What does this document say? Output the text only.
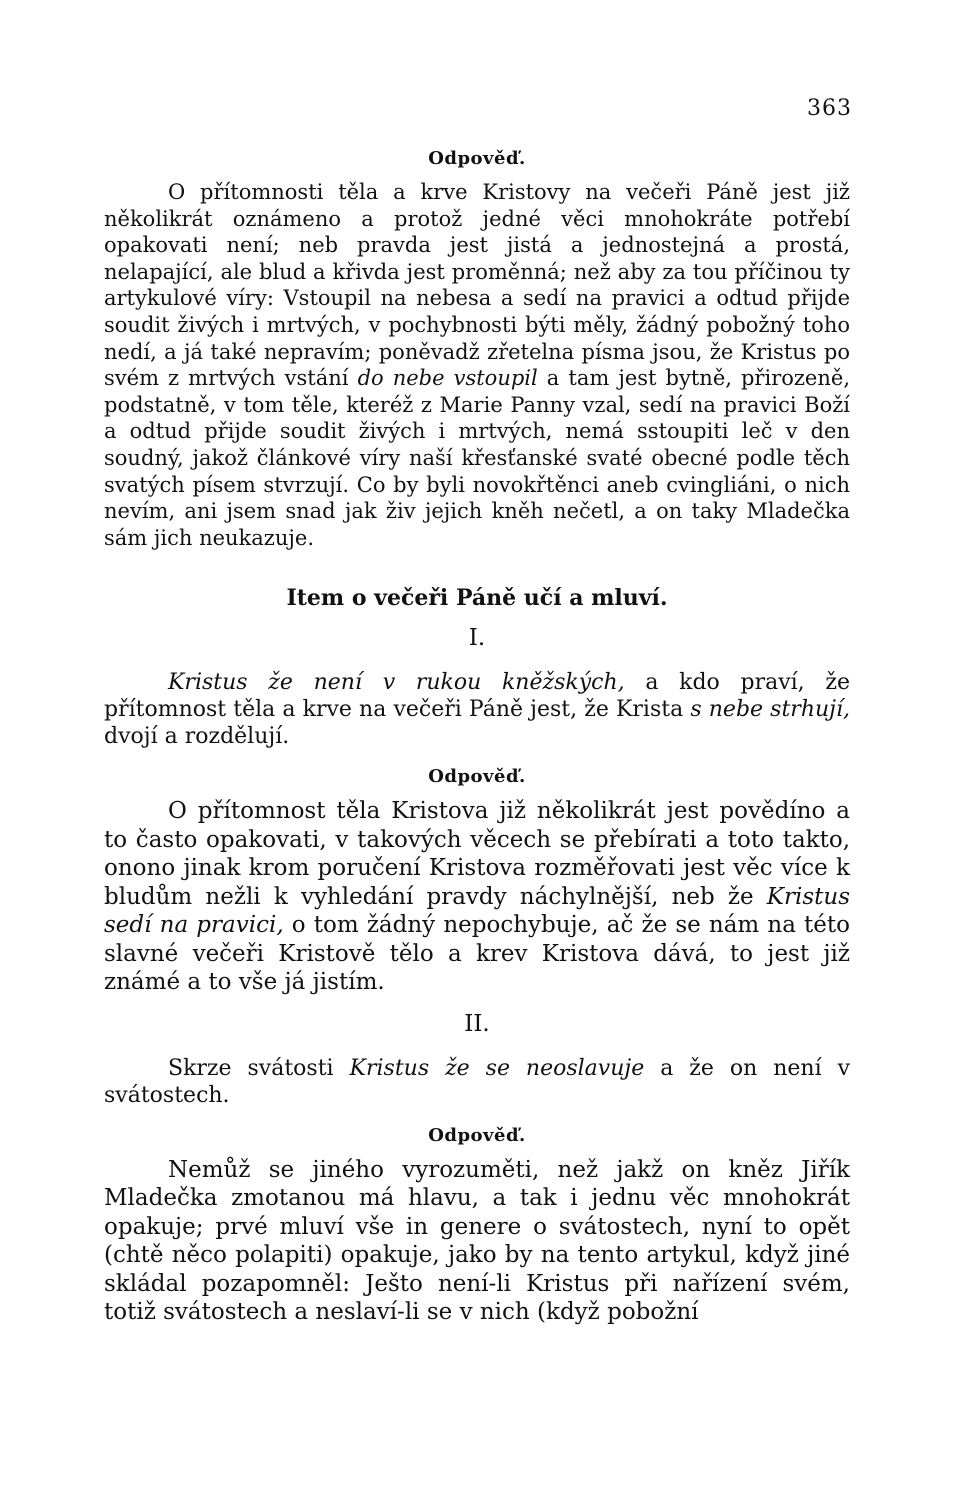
363
Odpověď.

O přítomnosti těla a krve Kristovy na večeři Páně jest již několikrát oznámeno a protož jedné věci mnohokráte potřebí opakovati není; neb pravda jest jistá a jednostejná a prostá, nelapající, ale blud a křivda jest proměnná; než aby za tou příčinou ty artykulové víry: Vstoupil na nebesa a sedí na pravici a odtud přijde soudit živých i mrtvých, v pochybnosti býti měly, žádný pobožný toho nedí, a já také nepravím; poněvadž zřetelna písma jsou, že Kristus po svém z mrtvých vstání do nebe vstoupil a tam jest bytně, přirozeně, podstatně, v tom těle, kteréž z Marie Panny vzal, sedí na pravici Boží a odtud přijde soudit živých i mrtvých, nemá sstoupiti leč v den soudný, jakož článkové víry naší křesťanské svaté obecné podle těch svatých písem stvrzují. Co by byli novokřtěnci aneb cvingliáni, o nich nevím, ani jsem snad jak živ jejich kněh nečetl, a on taky Mladečka sám jich neukazuje.

Item o večeři Páně učí a mluví.
I.

Kristus že není v rukou kněžských, a kdo praví, že přítomnost těla a krve na večeři Páně jest, že Krista s nebe strhují, dvojí a rozdělují.

Odpověď.

O přítomnost těla Kristova již několikrát jest povědíno a to často opakovati, v takových věcech se přebírati a toto takto, onono jinak krom poručení Kristova rozměřovati jest věc více k bludům nežli k vyhledání pravdy náchylnější, neb že Kristus sedí na pravici, o tom žádný nepochybuje, ač že se nám na této slavné večeři Kristově tělo a krev Kristova dává, to jest již známé a to vše já jistím.

II.

Skrze svátosti Kristus že se neoslavuje a že on není v svátostech.

Odpověď.

Nemůž se jiného vyrozuměti, než jakž on kněz Jiřík Mladečka zmotanou má hlavu, a tak i jednu věc mnohokrát opakuje; prvé mluví vše in genere o svátostech, nyní to opět (chtě něco polapiti) opakuje, jako by na tento artykul, když jiné skládal pozapomněl: Ješto není-li Kristus při nařízení svém, totiž svátostech a neslaví-li se v nich (když pobožní
